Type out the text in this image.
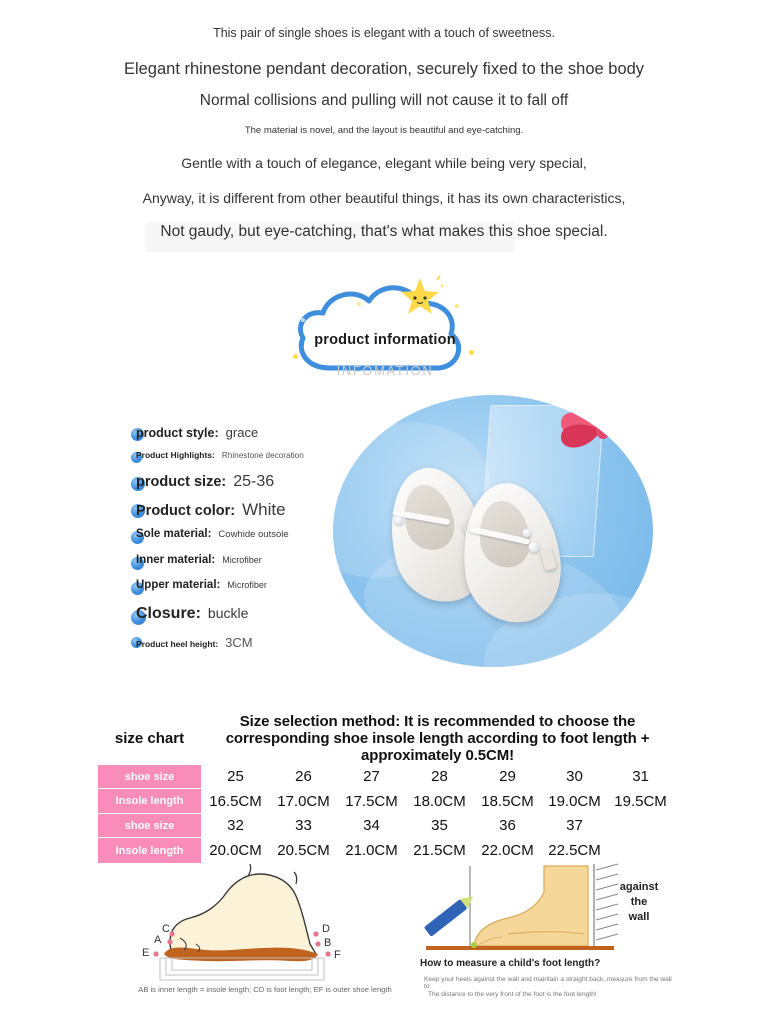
This pair of single shoes is elegant with a touch of sweetness.

Elegant rhinestone pendant decoration, securely fixed to the shoe body

Normal collisions and pulling will not cause it to fall off

The material is novel, and the layout is beautiful and eye-catching.

Gentle with a touch of elegance, elegant while being very special,

Anyway, it is different from other beautiful things, it has its own characteristics,

Not gaudy, but eye-catching, that's what makes this shoe special.

product information
INFOMATION
product style: grace
Product Highlights: Rhinestone decoration
product size: 25-36
Product color: White
Sole material: Cowhide outsole
Inner material: Microfiber
Upper material: Microfiber
Closure: buckle
Product heel height: 3CM
size chart	Size selection method: It is recommended to choose the corresponding shoe insole length according to foot length + approximately 0.5CM!						
shoe size	25	26	27	28	29	30	31
Insole length	16.5CM	17.0CM	17.5CM	18.0CM	18.5CM	19.0CM	19.5CM
shoe size	32	33	34	35	36	37	
Insole length	20.0CM	20.5CM	21.0CM	21.5CM	22.0CM	22.5CM	
C
A
E
D
B
F
AB is inner length = insole length; CD is foot length; EF is outer shoe length
against
the
wall
How to measure a child's foot length?
Keep your heels against the wall and maintain a straight back, measure from the wall to
The distance to the very front of the foot is the foot length!
